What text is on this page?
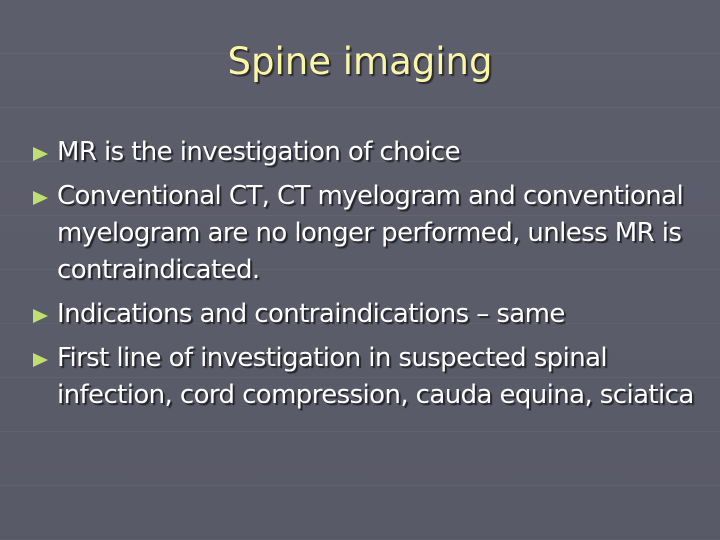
Spine imaging
MR is the investigation of choice
Conventional CT, CT myelogram and conventional myelogram are no longer performed, unless MR is contraindicated.
Indications and contraindications – same
First line of investigation in suspected spinal infection, cord compression, cauda equina, sciatica
